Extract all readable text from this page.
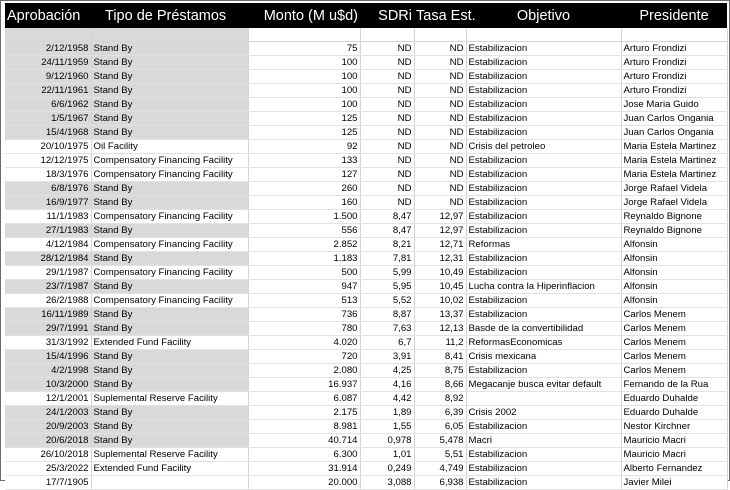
Aprobación	Tipo de Préstamos	Monto (M u$d)	SDRi	Tasa Est.	Objetivo	Presidente

2/12/1958	Stand By	75	ND	ND	Estabilizacion	Arturo Frondizi
24/11/1959	Stand By	100	ND	ND	Estabilizacion	Arturo Frondizi
9/12/1960	Stand By	100	ND	ND	Estabilizacion	Arturo Frondizi
22/11/1961	Stand By	100	ND	ND	Estabilizacion	Arturo Frondizi
6/6/1962	Stand By	100	ND	ND	Estabilizacion	Jose Maria Guido
1/5/1967	Stand By	125	ND	ND	Estabilizacion	Juan Carlos Ongania
15/4/1968	Stand By	125	ND	ND	Estabilizacion	Juan Carlos Ongania
20/10/1975	Oil Facility	92	ND	ND	Crisis del petroleo	Maria Estela Martinez
12/12/1975	Compensatory Financing Facility	133	ND	ND	Estabilizacion	Maria Estela Martinez
18/3/1976	Compensatory Financing Facility	127	ND	ND	Estabilizacion	Maria Estela Martinez
6/8/1976	Stand By	260	ND	ND	Estabilizacion	Jorge Rafael Videla
16/9/1977	Stand By	160	ND	ND	Estabilizacion	Jorge Rafael Videla
11/1/1983	Compensatory Financing Facility	1.500	8,47	12,97	Estabilizacion	Reynaldo Bignone
27/1/1983	Stand By	556	8,47	12,97	Estabilizacion	Reynaldo Bignone
4/12/1984	Compensatory Financing Facility	2.852	8,21	12,71	Reformas	Alfonsin
28/12/1984	Stand By	1.183	7,81	12,31	Estabilizacion	Alfonsin
29/1/1987	Compensatory Financing Facility	500	5,99	10,49	Estabilizacion	Alfonsin
23/7/1987	Stand By	947	5,95	10,45	Lucha contra la Hiperinflacion	Alfonsin
26/2/1988	Compensatory Financing Facility	513	5,52	10,02	Estabilizacion	Alfonsin
16/11/1989	Stand By	736	8,87	13,37	Estabilizacion	Carlos Menem
29/7/1991	Stand By	780	7,63	12,13	Basde de la convertibilidad	Carlos Menem
31/3/1992	Extended Fund Facility	4.020	6,7	11,2	ReformasEconomicas	Carlos Menem
15/4/1996	Stand By	720	3,91	8,41	Crisis mexicana	Carlos Menem
4/2/1998	Stand By	2.080	4,25	8,75	Estabilizacion	Carlos Menem
10/3/2000	Stand By	16.937	4,16	8,66	Megacanje busca evitar default	Fernando de la Rua
12/1/2001	Suplemental Reserve Facility	6.087	4,42	8,92		Eduardo Duhalde
24/1/2003	Stand By	2.175	1,89	6,39	Crisis 2002	Eduardo Duhalde
20/9/2003	Stand By	8.981	1,55	6,05	Estabilizacion	Nestor Kirchner
20/6/2018	Stand By	40.714	0,978	5,478	Macri	Mauricio Macri
26/10/2018	Suplemental Reserve Facility	6.300	1,01	5,51	Estabilizacion	Mauricio Macri
25/3/2022	Extended Fund Facility	31.914	0,249	4,749	Estabilizacion	Alberto Fernandez
17/7/1905		20.000	3,088	6,938	Estabilizacion	Javier Milei
